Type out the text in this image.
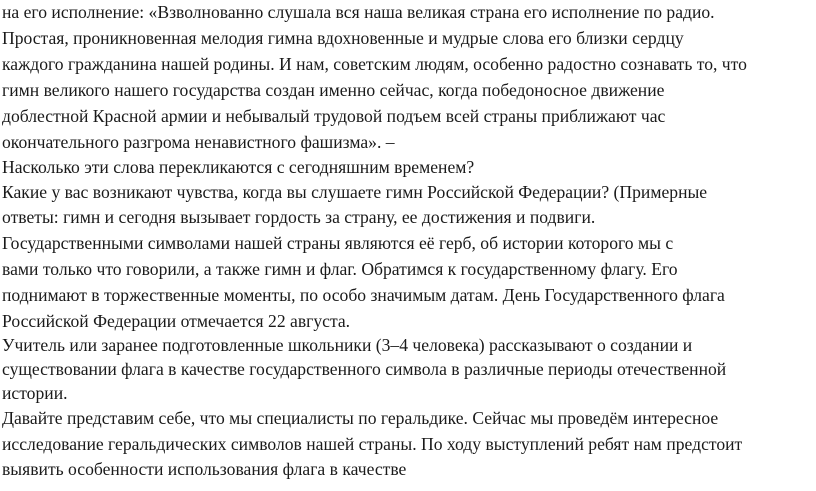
на его исполнение: «Взволнованно слушала вся наша великая страна его исполнение по радио.
Простая, проникновенная мелодия гимна вдохновенные и мудрые слова его близки сердцу
каждого гражданина нашей родины. И нам, советским людям, особенно радостно сознавать то, что
гимн великого нашего государства создан именно сейчас, когда победоносное движение
доблестной Красной армии и небывалый трудовой подъем всей страны приближают час
окончательного разгрома ненавистного фашизма». –
Насколько эти слова перекликаются с сегодняшним временем?
Какие у вас возникают чувства, когда вы слушаете гимн Российской Федерации? (Примерные
ответы: гимн и сегодня вызывает гордость за страну, ее достижения и подвиги.
Государственными символами нашей страны являются её герб, об истории которого мы с
вами только что говорили, а также гимн и флаг. Обратимся к государственному флагу. Его
поднимают в торжественные моменты, по особо значимым датам. День Государственного флага
Российской Федерации отмечается 22 августа.
Учитель или заранее подготовленные школьники (3–4 человека) рассказывают о создании и
существовании флага в качестве государственного символа в различные периоды отечественной
истории.
Давайте представим себе, что мы специалисты по геральдике. Сейчас мы проведём интересное
исследование геральдических символов нашей страны. По ходу выступлений ребят нам предстоит
выявить особенности использования флага в качестве
